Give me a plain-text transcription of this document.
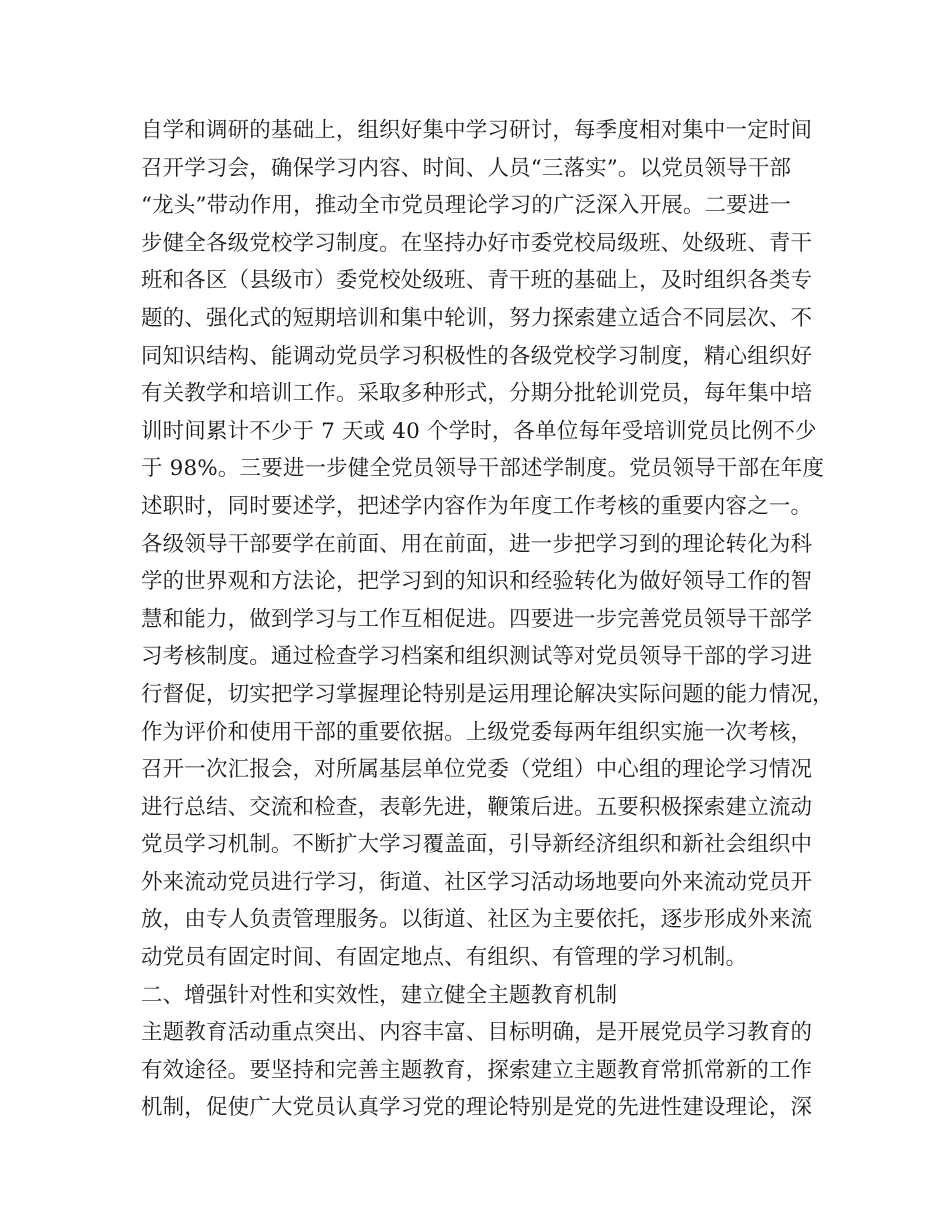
自学和调研的基础上，组织好集中学习研讨，每季度相对集中一定时间
召开学习会，确保学习内容、时间、人员“三落实”。以党员领导干部
“龙头”带动作用，推动全市党员理论学习的广泛深入开展。二要进一
步健全各级党校学习制度。在坚持办好市委党校局级班、处级班、青干
班和各区（县级市）委党校处级班、青干班的基础上，及时组织各类专
题的、强化式的短期培训和集中轮训，努力探索建立适合不同层次、不
同知识结构、能调动党员学习积极性的各级党校学习制度，精心组织好
有关教学和培训工作。采取多种形式，分期分批轮训党员，每年集中培
训时间累计不少于 7 天或 40 个学时，各单位每年受培训党员比例不少
于 98%。三要进一步健全党员领导干部述学制度。党员领导干部在年度
述职时，同时要述学，把述学内容作为年度工作考核的重要内容之一。
各级领导干部要学在前面、用在前面，进一步把学习到的理论转化为科
学的世界观和方法论，把学习到的知识和经验转化为做好领导工作的智
慧和能力，做到学习与工作互相促进。四要进一步完善党员领导干部学
习考核制度。通过检查学习档案和组织测试等对党员领导干部的学习进
行督促，切实把学习掌握理论特别是运用理论解决实际问题的能力情况，
作为评价和使用干部的重要依据。上级党委每两年组织实施一次考核，
召开一次汇报会，对所属基层单位党委（党组）中心组的理论学习情况
进行总结、交流和检查，表彰先进，鞭策后进。五要积极探索建立流动
党员学习机制。不断扩大学习覆盖面，引导新经济组织和新社会组织中
外来流动党员进行学习，街道、社区学习活动场地要向外来流动党员开
放，由专人负责管理服务。以街道、社区为主要依托，逐步形成外来流
动党员有固定时间、有固定地点、有组织、有管理的学习机制。
二、增强针对性和实效性，建立健全主题教育机制
主题教育活动重点突出、内容丰富、目标明确，是开展党员学习教育的
有效途径。要坚持和完善主题教育，探索建立主题教育常抓常新的工作
机制，促使广大党员认真学习党的理论特别是党的先进性建设理论，深
